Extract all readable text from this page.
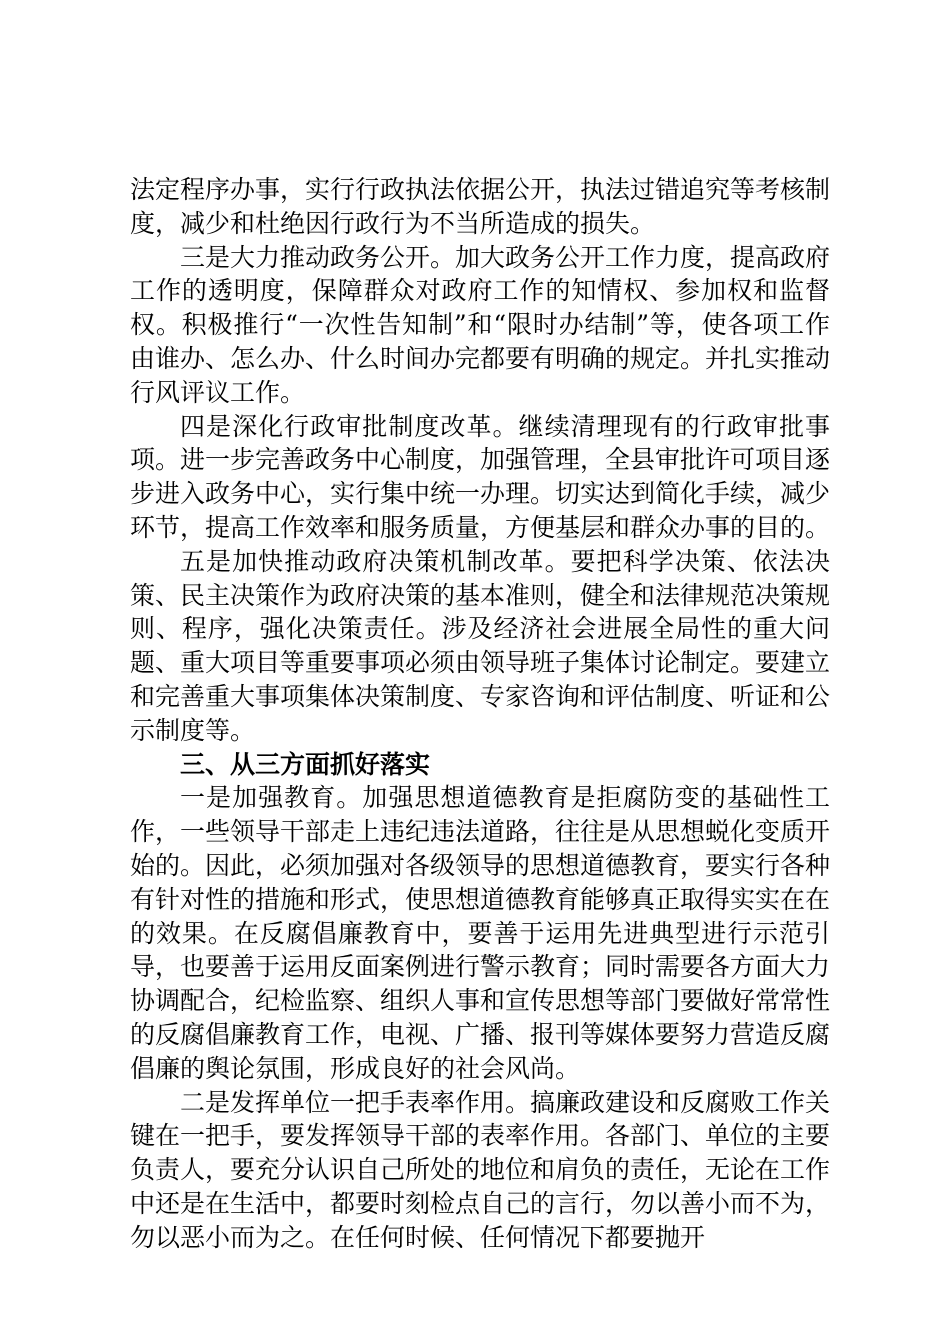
法定程序办事，实行行政执法依据公开，执法过错追究等考核制度，减少和杜绝因行政行为不当所造成的损失。

三是大力推动政务公开。加大政务公开工作力度，提高政府工作的透明度，保障群众对政府工作的知情权、参加权和监督权。积极推行“一次性告知制”和“限时办结制”等，使各项工作由谁办、怎么办、什么时间办完都要有明确的规定。并扎实推动行风评议工作。

四是深化行政审批制度改革。继续清理现有的行政审批事项。进一步完善政务中心制度，加强管理，全县审批许可项目逐步进入政务中心，实行集中统一办理。切实达到简化手续，减少环节，提高工作效率和服务质量，方便基层和群众办事的目的。

五是加快推动政府决策机制改革。要把科学决策、依法决策、民主决策作为政府决策的基本准则，健全和法律规范决策规则、程序，强化决策责任。涉及经济社会进展全局性的重大问题、重大项目等重要事项必须由领导班子集体讨论制定。要建立和完善重大事项集体决策制度、专家咨询和评估制度、听证和公示制度等。

三、从三方面抓好落实

一是加强教育。加强思想道德教育是拒腐防变的基础性工作，一些领导干部走上违纪违法道路，往往是从思想蜕化变质开始的。因此，必须加强对各级领导的思想道德教育，要实行各种有针对性的措施和形式，使思想道德教育能够真正取得实实在在的效果。在反腐倡廉教育中，要善于运用先进典型进行示范引导，也要善于运用反面案例进行警示教育；同时需要各方面大力协调配合，纪检监察、组织人事和宣传思想等部门要做好常常性的反腐倡廉教育工作，电视、广播、报刊等媒体要努力营造反腐倡廉的舆论氛围，形成良好的社会风尚。

二是发挥单位一把手表率作用。搞廉政建设和反腐败工作关键在一把手，要发挥领导干部的表率作用。各部门、单位的主要负责人，要充分认识自己所处的地位和肩负的责任，无论在工作中还是在生活中，都要时刻检点自己的言行，勿以善小而不为，勿以恶小而为之。在任何时候、任何情况下都要抛开
